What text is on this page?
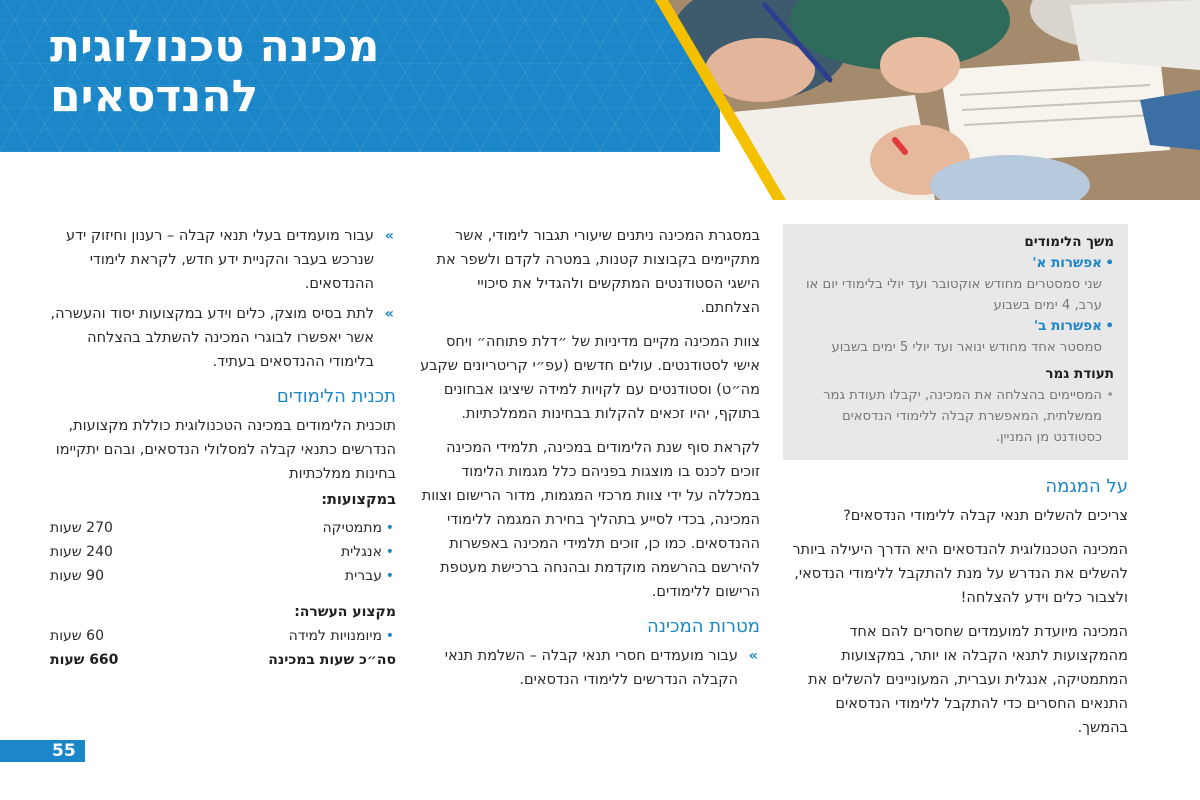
מכינה טכנולוגית
להנדסאים
משך הלימודים
• אפשרות א'
שני סמסטרים מחודש אוקטובר ועד יולי בלימודי יום או ערב, 4 ימים בשבוע
• אפשרות ב'
סמסטר אחד מחודש ינואר ועד יולי 5 ימים בשבוע
תעודת גמר
• המסיימים בהצלחה את המכינה, יקבלו תעודת גמר ממשלתית, המאפשרת קבלה ללימודי הנדסאים כסטודנט מן המניין.
על המגמה

צריכים להשלים תנאי קבלה ללימודי הנדסאים?

המכינה הטכנולוגית להנדסאים היא הדרך היעילה ביותר להשלים את הנדרש על מנת להתקבל ללימודי הנדסאי, ולצבור כלים וידע להצלחה!

המכינה מיועדת למועמדים שחסרים להם אחד מהמקצועות לתנאי הקבלה או יותר, במקצועות המתמטיקה, אנגלית ועברית, המעוניינים להשלים את התנאים החסרים כדי להתקבל ללימודי הנדסאים בהמשך.

במסגרת המכינה ניתנים שיעורי תגבור לימודי, אשר מתקיימים בקבוצות קטנות, במטרה לקדם ולשפר את הישגי הסטודנטים המתקשים ולהגדיל את סיכויי הצלחתם.

צוות המכינה מקיים מדיניות של ״דלת פתוחה״ ויחס אישי לסטודנטים. עולים חדשים (עפ״י קריטריונים שקבע מה״ט) וסטודנטים עם לקויות למידה שיציגו אבחונים בתוקף, יהיו זכאים להקלות בבחינות הממלכתיות.

לקראת סוף שנת הלימודים במכינה, תלמידי המכינה זוכים לכנס בו מוצגות בפניהם כלל מגמות הלימוד במכללה על ידי צוות מרכזי המגמות, מדור הרישום וצוות המכינה, בכדי לסייע בתהליך בחירת המגמה ללימודי ההנדסאים. כמו כן, זוכים תלמידי המכינה באפשרות להירשם בהרשמה מוקדמת ובהנחה ברכישת מעטפת הרישום ללימודים.

מטרות המכינה
» עבור מועמדים חסרי תנאי קבלה – השלמת תנאי הקבלה הנדרשים ללימודי הנדסאים.
» עבור מועמדים בעלי תנאי קבלה – רענון וחיזוק ידע שנרכש בעבר והקניית ידע חדש, לקראת לימודי ההנדסאים.
» לתת בסיס מוצק, כלים וידע במקצועות יסוד והעשרה, אשר יאפשרו לבוגרי המכינה להשתלב בהצלחה בלימודי ההנדסאים בעתיד.
תכנית הלימודים
תוכנית הלימודים במכינה הטכנולוגית כוללת מקצועות, הנדרשים כתנאי קבלה למסלולי הנדסאים, ובהם יתקיימו בחינות ממלכתיות
במקצועות:
• מתמטיקה	270 שעות
• אנגלית	240 שעות
• עברית	90 שעות

מקצוע העשרה:	
• מיומנויות למידה	60 שעות
סה״כ שעות במכינה	660 שעות
55
